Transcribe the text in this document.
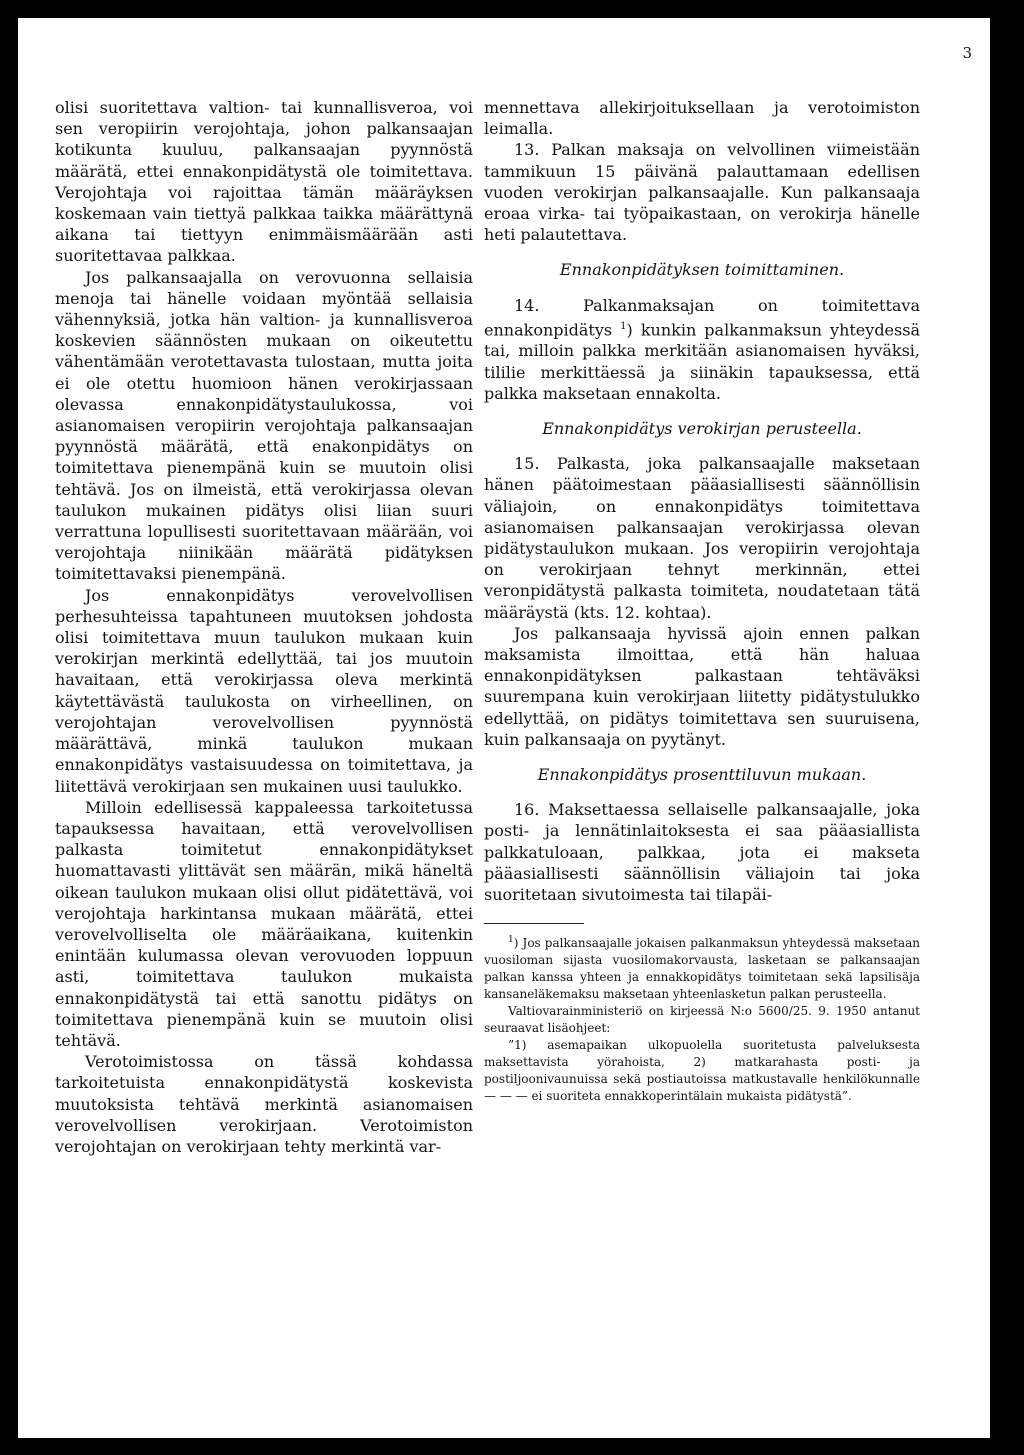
3

olisi suoritettava valtion- tai kunnallisveroa, voi sen veropiirin verojohtaja, johon palkansaajan kotikunta kuuluu, palkansaajan pyynnöstä määrätä, ettei ennakonpidätystä ole toimitettava. Verojohtaja voi rajoittaa tämän määräyksen koskemaan vain tiettyä palkkaa taikka määrättynä aikana tai tiettyyn enimmäismäärään asti suoritettavaa palkkaa.

Jos palkansaajalla on verovuonna sellaisia menoja tai hänelle voidaan myöntää sellaisia vähennyksiä, jotka hän valtion- ja kunnallisveroa koskevien säännösten mukaan on oikeutettu vähentämään verotettavasta tulostaan, mutta joita ei ole otettu huomioon hänen verokirjassaan olevassa ennakonpidätystaulukossa, voi asianomaisen veropiirin verojohtaja palkansaajan pyynnöstä määrätä, että enakonpidätys on toimitettava pienempänä kuin se muutoin olisi tehtävä. Jos on ilmeistä, että verokirjassa olevan taulukon mukainen pidätys olisi liian suuri verrattuna lopullisesti suoritettavaan määrään, voi verojohtaja niinikään määrätä pidätyksen toimitettavaksi pienempänä.

Jos ennakonpidätys verovelvollisen perhesuhteissa tapahtuneen muutoksen johdosta olisi toimitettava muun taulukon mukaan kuin verokirjan merkintä edellyttää, tai jos muutoin havaitaan, että verokirjassa oleva merkintä käytettävästä taulukosta on virheellinen, on verojohtajan verovelvollisen pyynnöstä määrättävä, minkä taulukon mukaan ennakonpidätys vastaisuudessa on toimitettava, ja liitettävä verokirjaan sen mukainen uusi taulukko.

Milloin edellisessä kappaleessa tarkoitetussa tapauksessa havaitaan, että verovelvollisen palkasta toimitetut ennakonpidätykset huomattavasti ylittävät sen määrän, mikä häneltä oikean taulukon mukaan olisi ollut pidätettävä, voi verojohtaja harkintansa mukaan määrätä, ettei verovelvolliselta ole määräaikana, kuitenkin enintään kulumassa olevan verovuoden loppuun asti, toimitettava taulukon mukaista ennakonpidätystä tai että sanottu pidätys on toimitettava pienempänä kuin se muutoin olisi tehtävä.

Verotoimistossa on tässä kohdassa tarkoitetuista ennakonpidätystä koskevista muutoksista tehtävä merkintä asianomaisen verovelvollisen verokirjaan. Verotoimiston verojohtajan on verokirjaan tehty merkintä var-

mennettava allekirjoituksellaan ja verotoimiston leimalla.

13. Palkan maksaja on velvollinen viimeistään tammikuun 15 päivänä palauttamaan edellisen vuoden verokirjan palkansaajalle. Kun palkansaaja eroaa virka- tai työpaikastaan, on verokirja hänelle heti palautettava.

Ennakonpidätyksen toimittaminen.

14. Palkanmaksajan on toimitettava ennakonpidätys $^1$) kunkin palkanmaksun yhteydessä tai, milloin palkka merkitään asianomaisen hyväksi, tililie merkittäessä ja siinäkin tapauksessa, että palkka maksetaan ennakolta.

Ennakonpidätys verokirjan perusteella.

15. Palkasta, joka palkansaajalle maksetaan hänen päätoimestaan pääasiallisesti säännöllisin väliajoin, on ennakonpidätys toimitettava asianomaisen palkansaajan verokirjassa olevan pidätystaulukon mukaan. Jos veropiirin verojohtaja on verokirjaan tehnyt merkinnän, ettei veronpidätystä palkasta toimiteta, noudatetaan tätä määräystä (kts. 12. kohtaa).

Jos palkansaaja hyvissä ajoin ennen palkan maksamista ilmoittaa, että hän haluaa ennakonpidätyksen palkastaan tehtäväksi suurempana kuin verokirjaan liitetty pidätystulukko edellyttää, on pidätys toimitettava sen suuruisena, kuin palkansaaja on pyytänyt.

Ennakonpidätys prosenttiluvun mukaan.

16. Maksettaessa sellaiselle palkansaajalle, joka posti- ja lennätinlaitoksesta ei saa pääasiallista palkkatuloaan, palkkaa, jota ei makseta pääasiallisesti säännöllisin väliajoin tai joka suoritetaan sivutoimesta tai tilapäi-

$^1$) Jos palkansaajalle jokaisen palkanmaksun yhteydessä maksetaan vuosiloman sijasta vuosilomakorvausta, lasketaan se palkansaajan palkan kanssa yhteen ja ennakkopidätys toimitetaan sekä lapsilisäja kansaneläkemaksu maksetaan yhteenlasketun palkan perusteella.

Valtiovarainministeriö on kirjeessä N:o 5600/25. 9. 1950 antanut seuraavat lisäohjeet:

”1) asemapaikan ulkopuolella suoritetusta palveluksesta maksettavista yörahoista, 2) matkarahasta posti- ja postiljoonivaunuissa sekä postiautoissa matkustavalle henkilökunnalle — — — ei suoriteta ennakkoperintälain mukaista pidätystä”.
